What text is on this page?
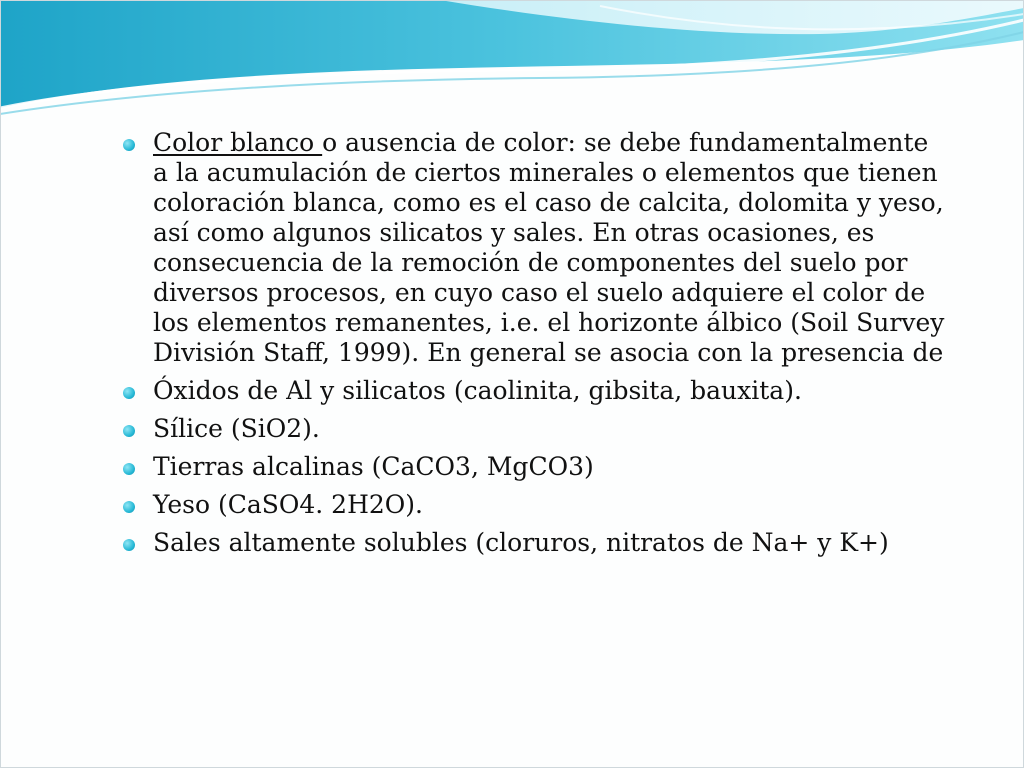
Color blanco o ausencia de color: se debe fundamentalmente a la acumulación de ciertos minerales o elementos que tienen coloración blanca, como es el caso de calcita, dolomita y yeso, así como algunos silicatos y sales. En otras ocasiones, es consecuencia de la remoción de componentes del suelo por diversos procesos, en cuyo caso el suelo adquiere el color de los elementos remanentes, i.e. el horizonte álbico (Soil Survey División Staff, 1999). En general se asocia con la presencia de
Óxidos de Al y silicatos (caolinita, gibsita, bauxita).
Sílice (SiO2).
Tierras alcalinas (CaCO3, MgCO3)
Yeso (CaSO4. 2H2O).
Sales altamente solubles (cloruros, nitratos de Na+ y K+)
